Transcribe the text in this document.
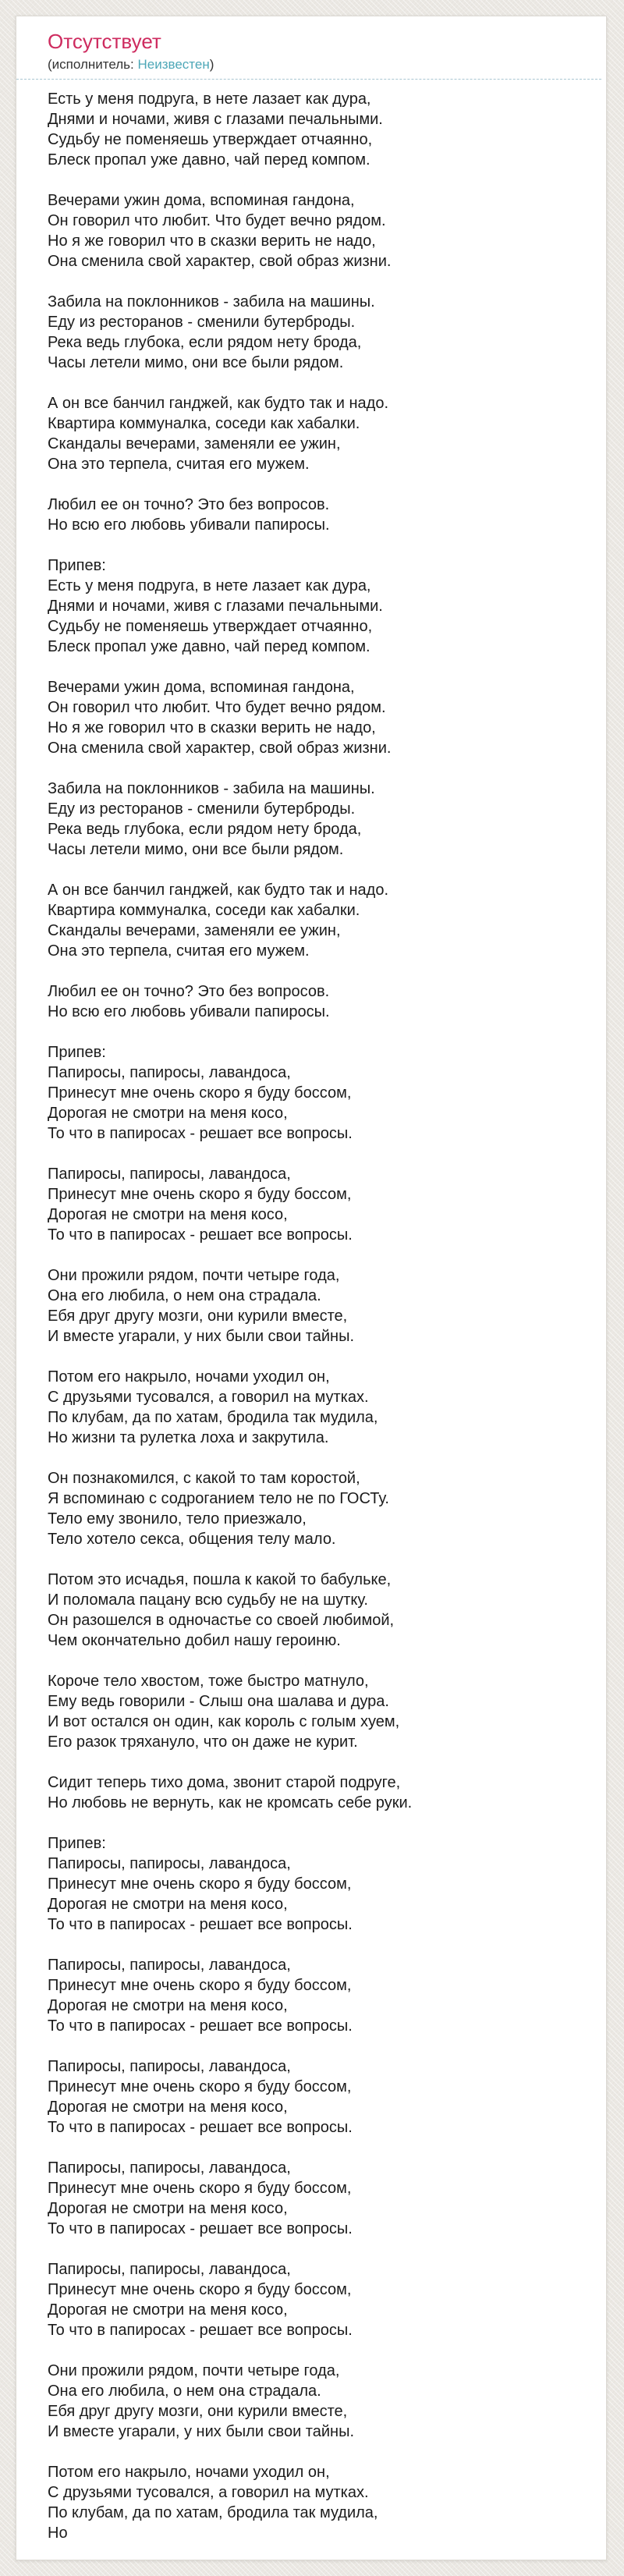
Отсутствует
(исполнитель: Неизвестен)
Есть у меня подруга, в нете лазает как дура,
Днями и ночами, живя с глазами печальными.
Судьбу не поменяешь утверждает отчаянно,
Блеск пропал уже давно, чай перед компом.
Вечерами ужин дома, вспоминая гандона,
Он говорил что любит. Что будет вечно рядом.
Но я же говорил что в сказки верить не надо,
Она сменила свой характер, свой образ жизни.
Забила на поклонников - забила на машины.
Еду из ресторанов - сменили бутерброды.
Река ведь глубока, если рядом нету брода,
Часы летели мимо, они все были рядом.
А он все банчил ганджей, как будто так и надо.
Квартира коммуналка, соседи как хабалки.
Скандалы вечерами, заменяли ее ужин,
Она это терпела, считая его мужем.
Любил ее он точно? Это без вопросов.
Но всю его любовь убивали папиросы.
Припев:
Есть у меня подруга, в нете лазает как дура,
Днями и ночами, живя с глазами печальными.
Судьбу не поменяешь утверждает отчаянно,
Блеск пропал уже давно, чай перед компом.
Вечерами ужин дома, вспоминая гандона,
Он говорил что любит. Что будет вечно рядом.
Но я же говорил что в сказки верить не надо,
Она сменила свой характер, свой образ жизни.
Забила на поклонников - забила на машины.
Еду из ресторанов - сменили бутерброды.
Река ведь глубока, если рядом нету брода,
Часы летели мимо, они все были рядом.
А он все банчил ганджей, как будто так и надо.
Квартира коммуналка, соседи как хабалки.
Скандалы вечерами, заменяли ее ужин,
Она это терпела, считая его мужем.
Любил ее он точно? Это без вопросов.
Но всю его любовь убивали папиросы.
Припев:
Папиросы, папиросы, лавандоса,
Принесут мне очень скоро я буду боссом,
Дорогая не смотри на меня косо,
То что в папиросах - решает все вопросы.
Папиросы, папиросы, лавандоса,
Принесут мне очень скоро я буду боссом,
Дорогая не смотри на меня косо,
То что в папиросах - решает все вопросы.
Они прожили рядом, почти четыре года,
Она его любила, о нем она страдала.
Ебя друг другу мозги, они курили вместе,
И вместе угарали, у них были свои тайны.
Потом его накрыло, ночами уходил он,
С друзьями тусовался, а говорил на мутках.
По клубам, да по хатам, бродила так мудила,
Но жизни та рулетка лоха и закрутила.
Он познакомился, с какой то там коростой,
Я вспоминаю с содроганием тело не по ГОСТу.
Тело ему звонило, тело приезжало,
Тело хотело секса, общения телу мало.
Потом это исчадья, пошла к какой то бабульке,
И поломала пацану всю судьбу не на шутку.
Он разошелся в одночастье со своей любимой,
Чем окончательно добил нашу героиню.
Короче тело хвостом, тоже быстро матнуло,
Ему ведь говорили - Слыш она шалава и дура.
И вот остался он один, как король с голым хуем,
Его разок тряхануло, что он даже не курит.
Сидит теперь тихо дома, звонит старой подруге,
Но любовь не вернуть, как не кромсать себе руки.
Припев:
Папиросы, папиросы, лавандоса,
Принесут мне очень скоро я буду боссом,
Дорогая не смотри на меня косо,
То что в папиросах - решает все вопросы.
Папиросы, папиросы, лавандоса,
Принесут мне очень скоро я буду боссом,
Дорогая не смотри на меня косо,
То что в папиросах - решает все вопросы.
Папиросы, папиросы, лавандоса,
Принесут мне очень скоро я буду боссом,
Дорогая не смотри на меня косо,
То что в папиросах - решает все вопросы.
Папиросы, папиросы, лавандоса,
Принесут мне очень скоро я буду боссом,
Дорогая не смотри на меня косо,
То что в папиросах - решает все вопросы.
Папиросы, папиросы, лавандоса,
Принесут мне очень скоро я буду боссом,
Дорогая не смотри на меня косо,
То что в папиросах - решает все вопросы.
Они прожили рядом, почти четыре года,
Она его любила, о нем она страдала.
Ебя друг другу мозги, они курили вместе,
И вместе угарали, у них были свои тайны.
Потом его накрыло, ночами уходил он,
С друзьями тусовался, а говорил на мутках.
По клубам, да по хатам, бродила так мудила,
Но
